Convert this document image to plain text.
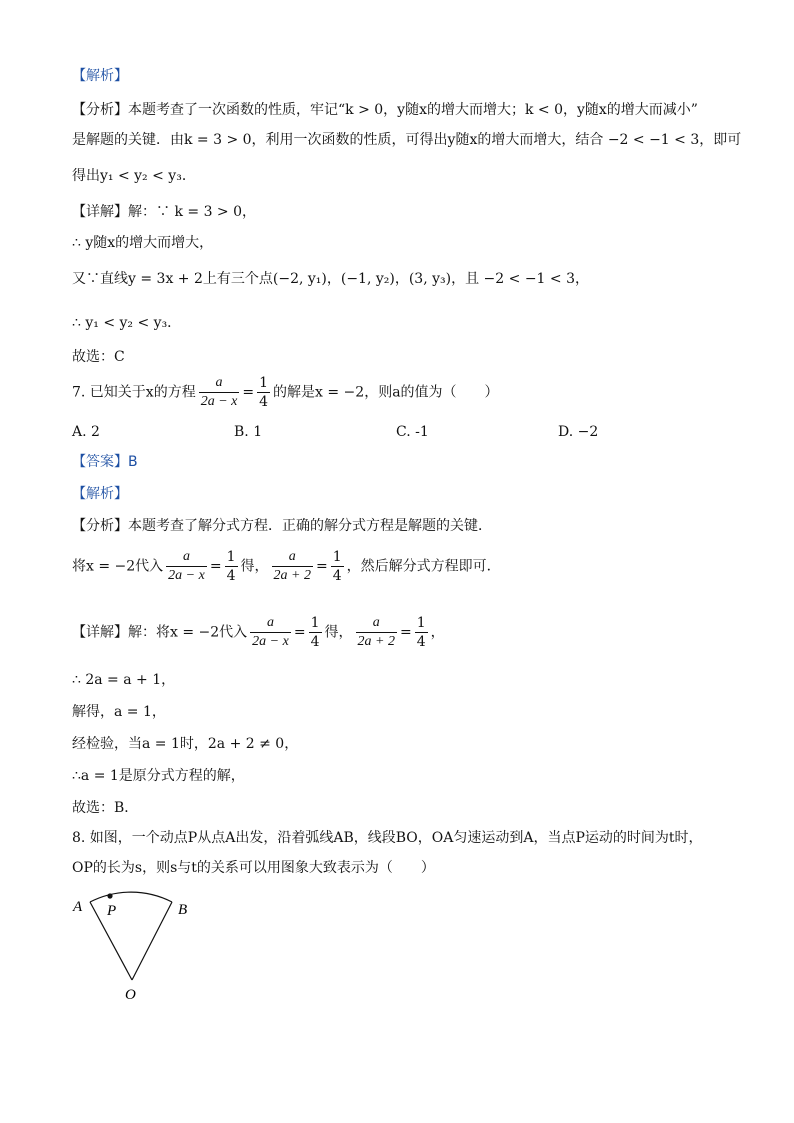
【解析】
【分析】本题考查了一次函数的性质，牢记“k > 0，y随x的增大而增大；k < 0，y随x的增大而减小”
是解题的关键．由k = 3 > 0，利用一次函数的性质，可得出y随x的增大而增大，结合 −2 < −1 < 3，即可
得出y₁ < y₂ < y₃．
【详解】解：∵ k = 3 > 0，
∴ y随x的增大而增大，
又∵直线y = 3x + 2上有三个点(−2, y₁)，(−1, y₂)，(3, y₃)，且 −2 < −1 < 3，
∴ y₁ < y₂ < y₃．
故选：C
7. 已知关于x的方程 $\frac{a}{2a - x} = \frac{1}{4}$ 的解是x = −2，则a的值为（　　）
A. 2	B. 1	C. -1	D. −2
【答案】B
【解析】
【分析】本题考查了解分式方程．正确的解分式方程是解题的关键．
将x = −2代入 $\frac{a}{2a - x} = \frac{1}{4}$ 得， $\frac{a}{2a + 2} = \frac{1}{4}$ ，然后解分式方程即可．
【详解】解：将x = −2代入 $\frac{a}{2a - x} = \frac{1}{4}$ 得， $\frac{a}{2a + 2} = \frac{1}{4}$ ，
∴ 2a = a + 1，
解得，a = 1，
经检验，当a = 1时，2a + 2 ≠ 0，
∴a = 1是原分式方程的解，
故选：B．
8. 如图，一个动点P从点A出发，沿着弧线AB，线段BO，OA匀速运动到A，当点P运动的时间为t时，
OP的长为s，则s与t的关系可以用图象大致表示为（　　）
A P	B
O
